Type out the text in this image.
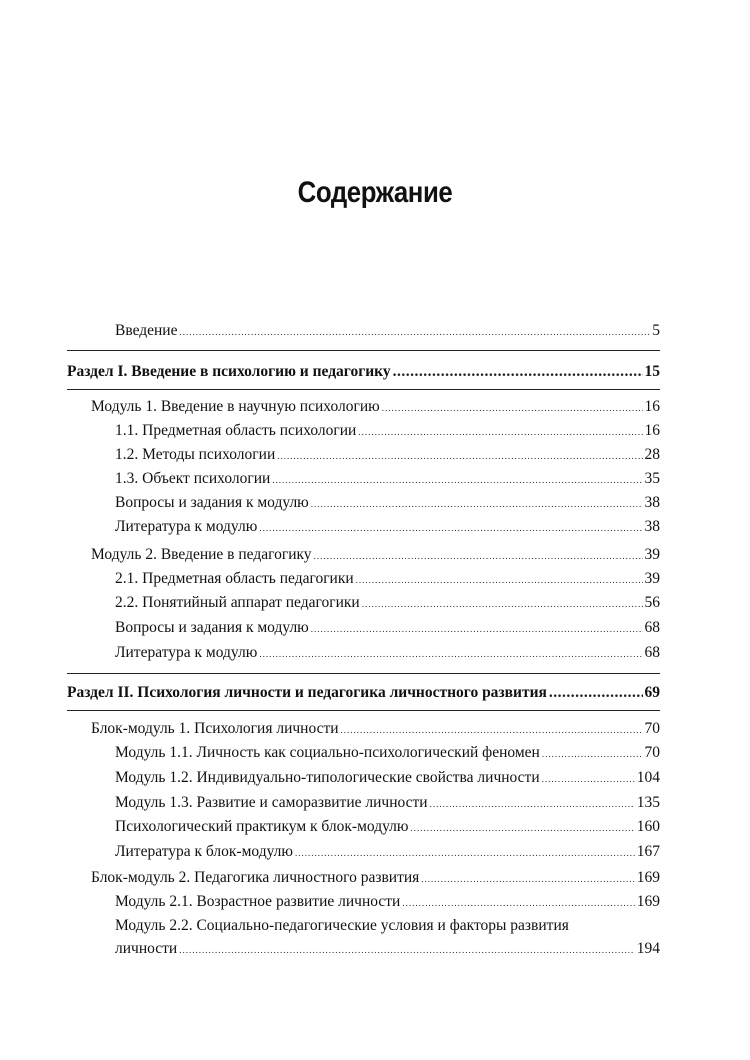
Содержание
Введение .....	5
Раздел I. Введение в психологию и педагогику .....	15
Модуль 1. Введение в научную психологию .....	16
1.1. Предметная область психологии .....	16
1.2. Методы психологии .....	28
1.3. Объект психологии .....	35
Вопросы и задания к модулю .....	38
Литература к модулю .....	38
Модуль 2. Введение в педагогику .....	39
2.1. Предметная область педагогики .....	39
2.2. Понятийный аппарат педагогики .....	56
Вопросы и задания к модулю .....	68
Литература к модулю .....	68
Раздел II. Психология личности и педагогика личностного развития .....	69
Блок-модуль 1. Психология личности .....	70
Модуль 1.1. Личность как социально-психологический феномен .....	70
Модуль 1.2. Индивидуально-типологические свойства личности .....	104
Модуль 1.3. Развитие и саморазвитие личности .....	135
Психологический практикум к блок-модулю .....	160
Литература к блок-модулю .....	167
Блок-модуль 2. Педагогика личностного развития .....	169
Модуль 2.1. Возрастное развитие личности .....	169
Модуль 2.2. Социально-педагогические условия и факторы развития
личности .....	194
